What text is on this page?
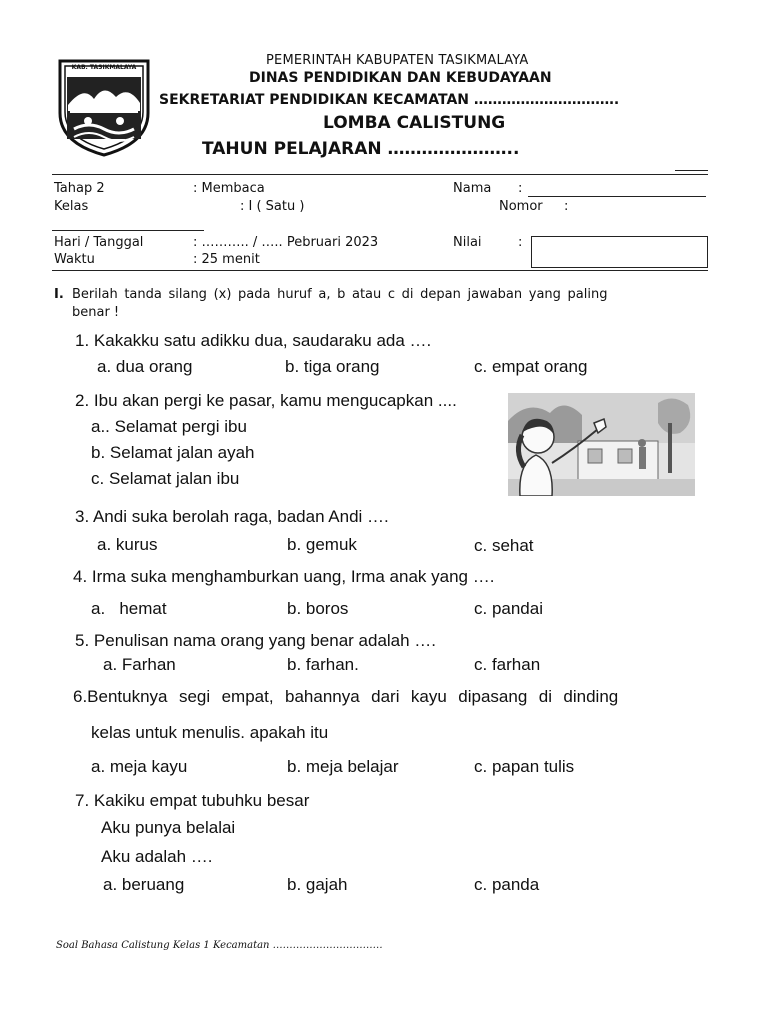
KAB. TASIKMALAYA	PEMERINTAH KABUPATEN TASIKMALAYA
DINAS PENDIDIKAN DAN KEBUDAYAAN
SEKRETARIAT PENDIDIKAN KECAMATAN ………………………….
LOMBA CALISTUNG
TAHUN PELAJARAN …………………..
Tahap 2	: Membaca
Kelas	: I ( Satu )
Nama :
Nomor :
Hari / Tanggal	: ……….. / ….. Pebruari 2023
Waktu	: 25 menit
Nilai	:
I. Berilah tanda silang (x) pada huruf a, b atau c di depan jawaban yang paling
benar !
1. Kakakku satu adikku dua, saudaraku ada ….
a. dua orang	b. tiga orang	c. empat orang
2. Ibu akan pergi ke pasar, kamu mengucapkan ....
a.. Selamat pergi ibu
b. Selamat jalan ayah
c. Selamat jalan ibu
3. Andi suka berolah raga, badan Andi ….
a. kurus	b. gemuk	c. sehat
4. Irma suka menghamburkan uang, Irma anak yang ….
a.   hemat	b. boros	c. pandai
5. Penulisan nama orang yang benar adalah ….
a. Farhan	b. farhan.	c. farhan
6.Bentuknya  segi  empat,  bahannya  dari  kayu  dipasang  di  dinding
kelas untuk menulis. apakah itu
a. meja kayu	b. meja belajar	c. papan tulis
7. Kakiku empat tubuhku besar
Aku punya belalai
Aku adalah ….
a. beruang	b. gajah	c. panda
Soal Bahasa Calistung Kelas 1 Kecamatan ……………………………
